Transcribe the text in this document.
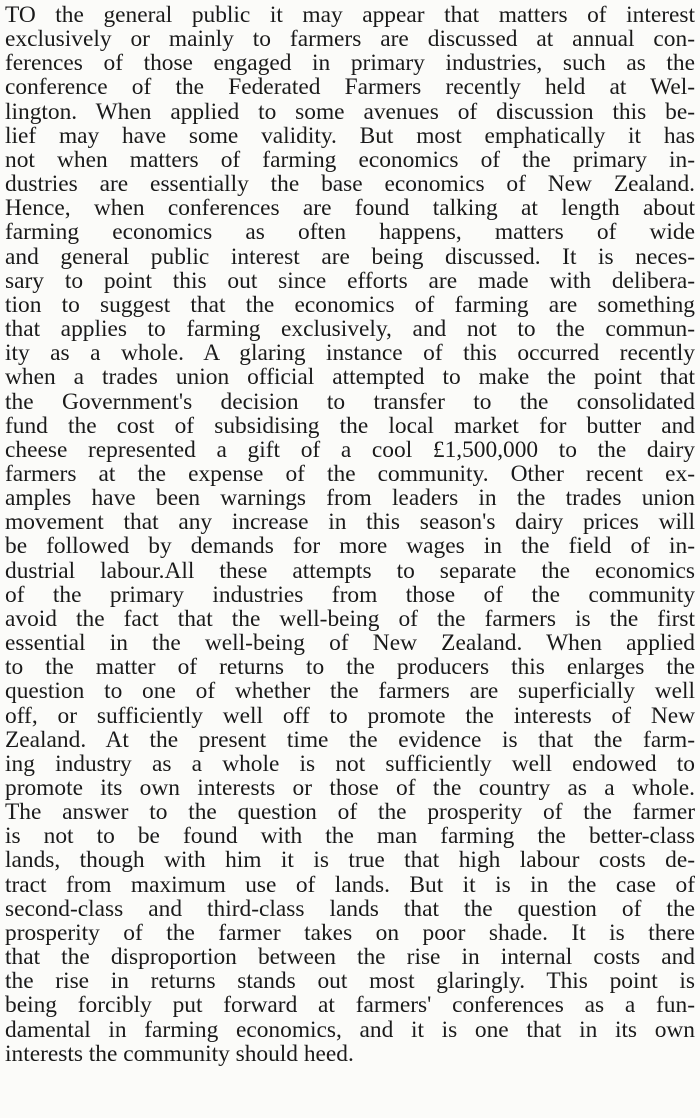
TO the general public it may appear that matters of interest
exclusively or mainly to farmers are discussed at annual con-
ferences of those engaged in primary industries, such as the
conference of the Federated Farmers recently held at Wel-
lington. When applied to some avenues of discussion this be-
lief may have some validity. But most emphatically it has
not when matters of farming economics of the primary in-
dustries are essentially the base economics of New Zealand.
Hence, when conferences are found talking at length about
farming economics as often happens, matters of wide
and general public interest are being discussed. It is neces-
sary to point this out since efforts are made with delibera-
tion to suggest that the economics of farming are something
that applies to farming exclusively, and not to the commun-
ity as a whole. A glaring instance of this occurred recently
when a trades union official attempted to make the point that
the Government's decision to transfer to the consolidated
fund the cost of subsidising the local market for butter and
cheese represented a gift of a cool £1,500,000 to the dairy
farmers at the expense of the community. Other recent ex-
amples have been warnings from leaders in the trades union
movement that any increase in this season's dairy prices will
be followed by demands for more wages in the field of in-
dustrial labour.All these attempts to separate the economics
of the primary industries from those of the community
avoid the fact that the well-being of the farmers is the first
essential in the well-being of New Zealand. When applied
to the matter of returns to the producers this enlarges the
question to one of whether the farmers are superficially well
off, or sufficiently well off to promote the interests of New
Zealand. At the present time the evidence is that the farm-
ing industry as a whole is not sufficiently well endowed to
promote its own interests or those of the country as a whole.
The answer to the question of the prosperity of the farmer
is not to be found with the man farming the better-class
lands, though with him it is true that high labour costs de-
tract from maximum use of lands. But it is in the case of
second-class and third-class lands that the question of the
prosperity of the farmer takes on poor shade. It is there
that the disproportion between the rise in internal costs and
the rise in returns stands out most glaringly. This point is
being forcibly put forward at farmers' conferences as a fun-
damental in farming economics, and it is one that in its own
interests the community should heed.
